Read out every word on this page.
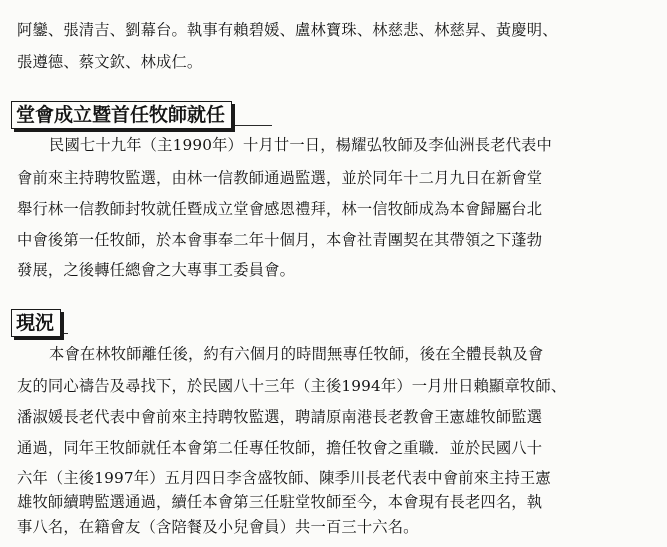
阿鑾、張清吉、劉幕台。執事有賴碧媛、盧林寶珠、林慈悲、林慈昇、黃慶明、
張遵德、蔡文欽、林成仁。
堂會成立暨首任牧師就任
民國七十九年（主1990年）十月廿一日，楊耀弘牧師及李仙洲長老代表中
會前來主持聘牧監選，由林一信教師通過監選，並於同年十二月九日在新會堂
舉行林一信教師封牧就任暨成立堂會感恩禮拜，林一信牧師成為本會歸屬台北
中會後第一任牧師，於本會事奉二年十個月，本會社青團契在其帶領之下蓬勃
發展，之後轉任總會之大專事工委員會。
現況
本會在林牧師離任後，約有六個月的時間無專任牧師，後在全體長執及會
友的同心禱告及尋找下，於民國八十三年（主後1994年）一月卅日賴顯章牧師、
潘淑媛長老代表中會前來主持聘牧監選，聘請原南港長老教會王憲雄牧師監選
通過，同年王牧師就任本會第二任專任牧師，擔任牧會之重職．並於民國八十
六年（主後1997年）五月四日李含盛牧師、陳季川長老代表中會前來主持王憲
雄牧師續聘監選通過，續任本會第三任駐堂牧師至今，本會現有長老四名，執
事八名，在籍會友（含陪餐及小兒會員）共一百三十六名。
